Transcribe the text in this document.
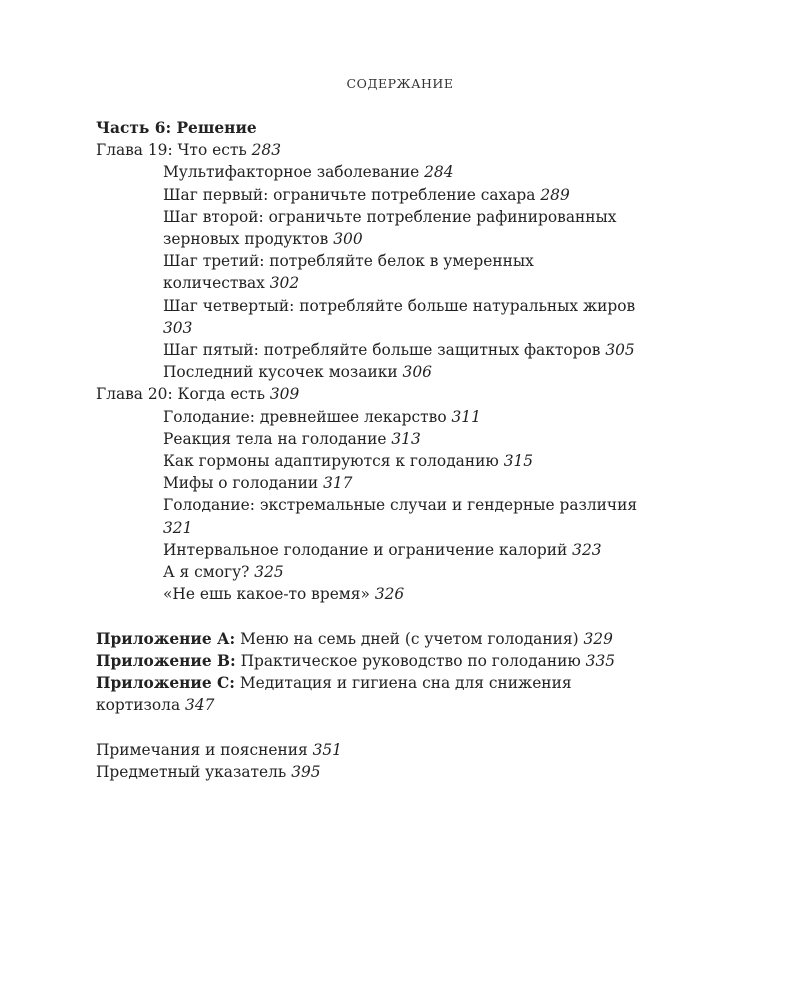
СОДЕРЖАНИЕ

Часть 6: Решение

Глава 19: Что есть 283

Мультифакторное заболевание 284

Шаг первый: ограничьте потребление сахара 289

Шаг второй: ограничьте потребление рафинированных зерновых продуктов 300

Шаг третий: потребляйте белок в умеренных количествах 302

Шаг четвертый: потребляйте больше натуральных жиров 303

Шаг пятый: потребляйте больше защитных факторов 305

Последний кусочек мозаики 306

Глава 20: Когда есть 309

Голодание: древнейшее лекарство 311

Реакция тела на голодание 313

Как гормоны адаптируются к голоданию 315

Мифы о голодании 317

Голодание: экстремальные случаи и гендерные различия 321

Интервальное голодание и ограничение калорий 323

А я смогу? 325

«Не ешь какое-то время» 326

Приложение А: Меню на семь дней (с учетом голодания) 329

Приложение В: Практическое руководство по голоданию 335

Приложение С: Медитация и гигиена сна для снижения кортизола 347

Примечания и пояснения 351

Предметный указатель 395
